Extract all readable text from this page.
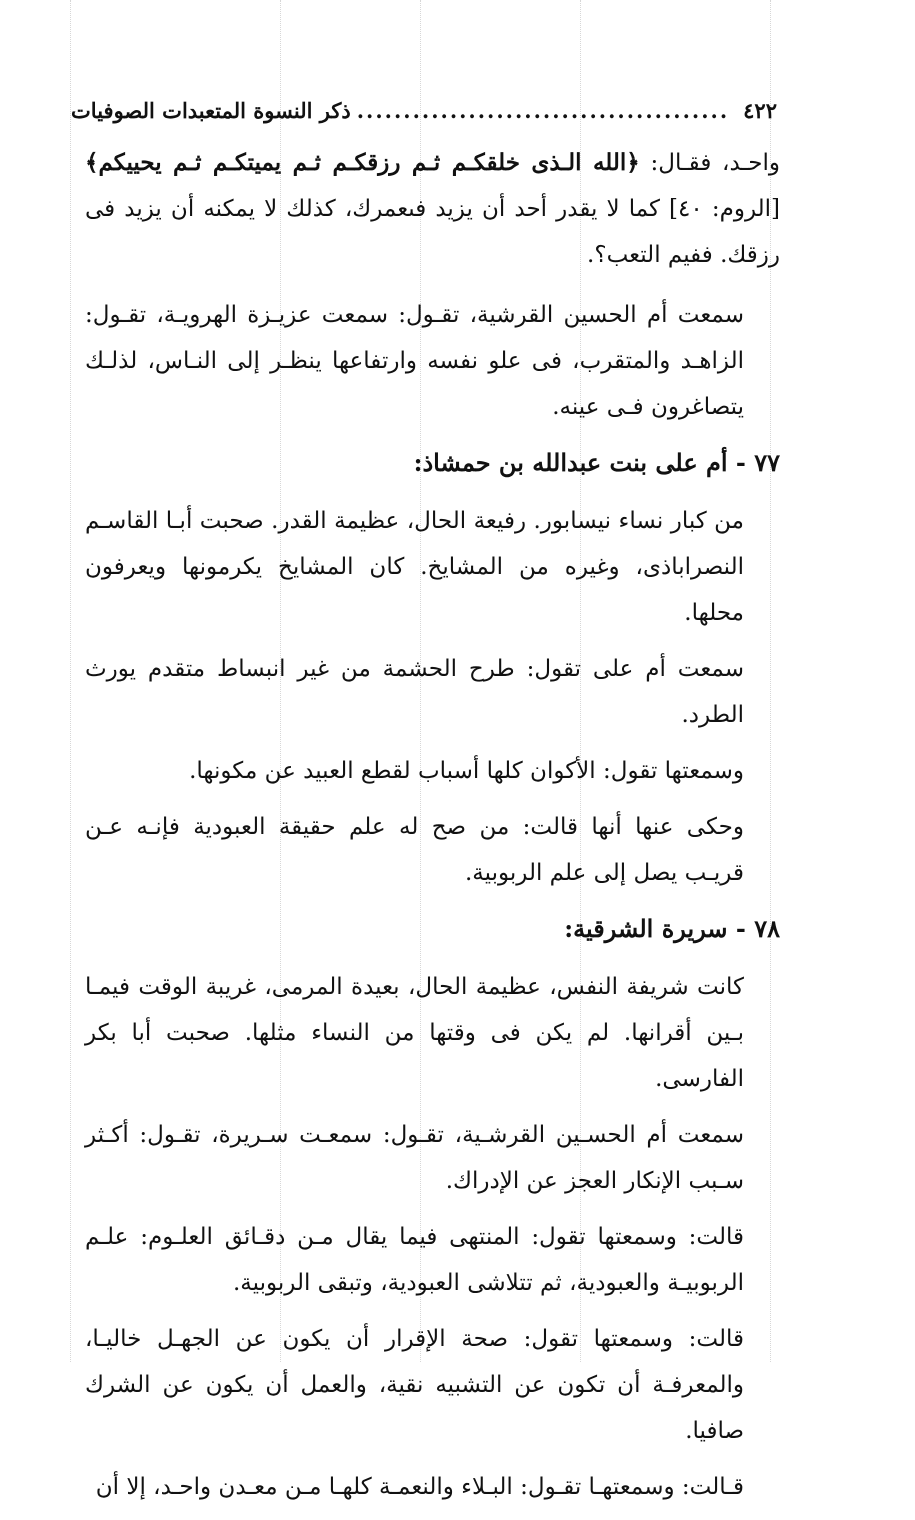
٤٢٢
........................................
ذكر النسوة المتعبدات الصوفيات

واحـد، فقـال: ﴿الله الـذى خلقكـم ثـم رزقكـم ثـم يميتكـم ثـم يحييكم﴾ [الروم: ٤٠] كما لا يقدر أحد أن يزيد فىعمرك، كذلك لا يمكنه أن يزيد فى رزقك. ففيم التعب؟.

سمعت أم الحسين القرشية، تقـول: سمعت عزيـزة الهرويـة، تقـول: الزاهـد والمتقرب، فى علو نفسه وارتفاعها ينظـر إلى النـاس، لذلـك يتصاغرون فـى عينه.

٧٧ - أم على بنت عبدالله بن حمشاذ:

من كبار نساء نيسابور. رفيعة الحال، عظيمة القدر. صحبت أبـا القاسـم النصراباذى، وغيره من المشايخ. كان المشايخ يكرمونها ويعرفون محلها.

سمعت أم على تقول: طرح الحشمة من غير انبساط متقدم يورث الطرد.

وسمعتها تقول: الأكوان كلها أسباب لقطع العبيد عن مكونها.

وحكى عنها أنها قالت: من صح له علم حقيقة العبودية فإنـه عـن قريـب يصل إلى علم الربوبية.

٧٨ - سريرة الشرقية:

كانت شريفة النفس، عظيمة الحال، بعيدة المرمى، غريبة الوقت فيمـا بـين أقرانها. لم يكن فى وقتها من النساء مثلها. صحبت أبا بكر الفارسى.

سمعت أم الحسـين القرشـية، تقـول: سمعـت سـريرة، تقـول: أكـثر سـبب الإنكار العجز عن الإدراك.

قالت: وسمعتها تقول: المنتهى فيما يقال مـن دقـائق العلـوم: علـم الربوبيـة والعبودية، ثم تتلاشى العبودية، وتبقى الربوبية.

قالت: وسمعتها تقول: صحة الإقرار أن يكون عن الجهـل خاليـا، والمعرفـة أن تكون عن التشبيه نقية، والعمل أن يكون عن الشرك صافيا.

قـالت: وسمعتهـا تقـول: البـلاء والنعمـة كلهـا مـن معـدن واحـد، إلا أن
